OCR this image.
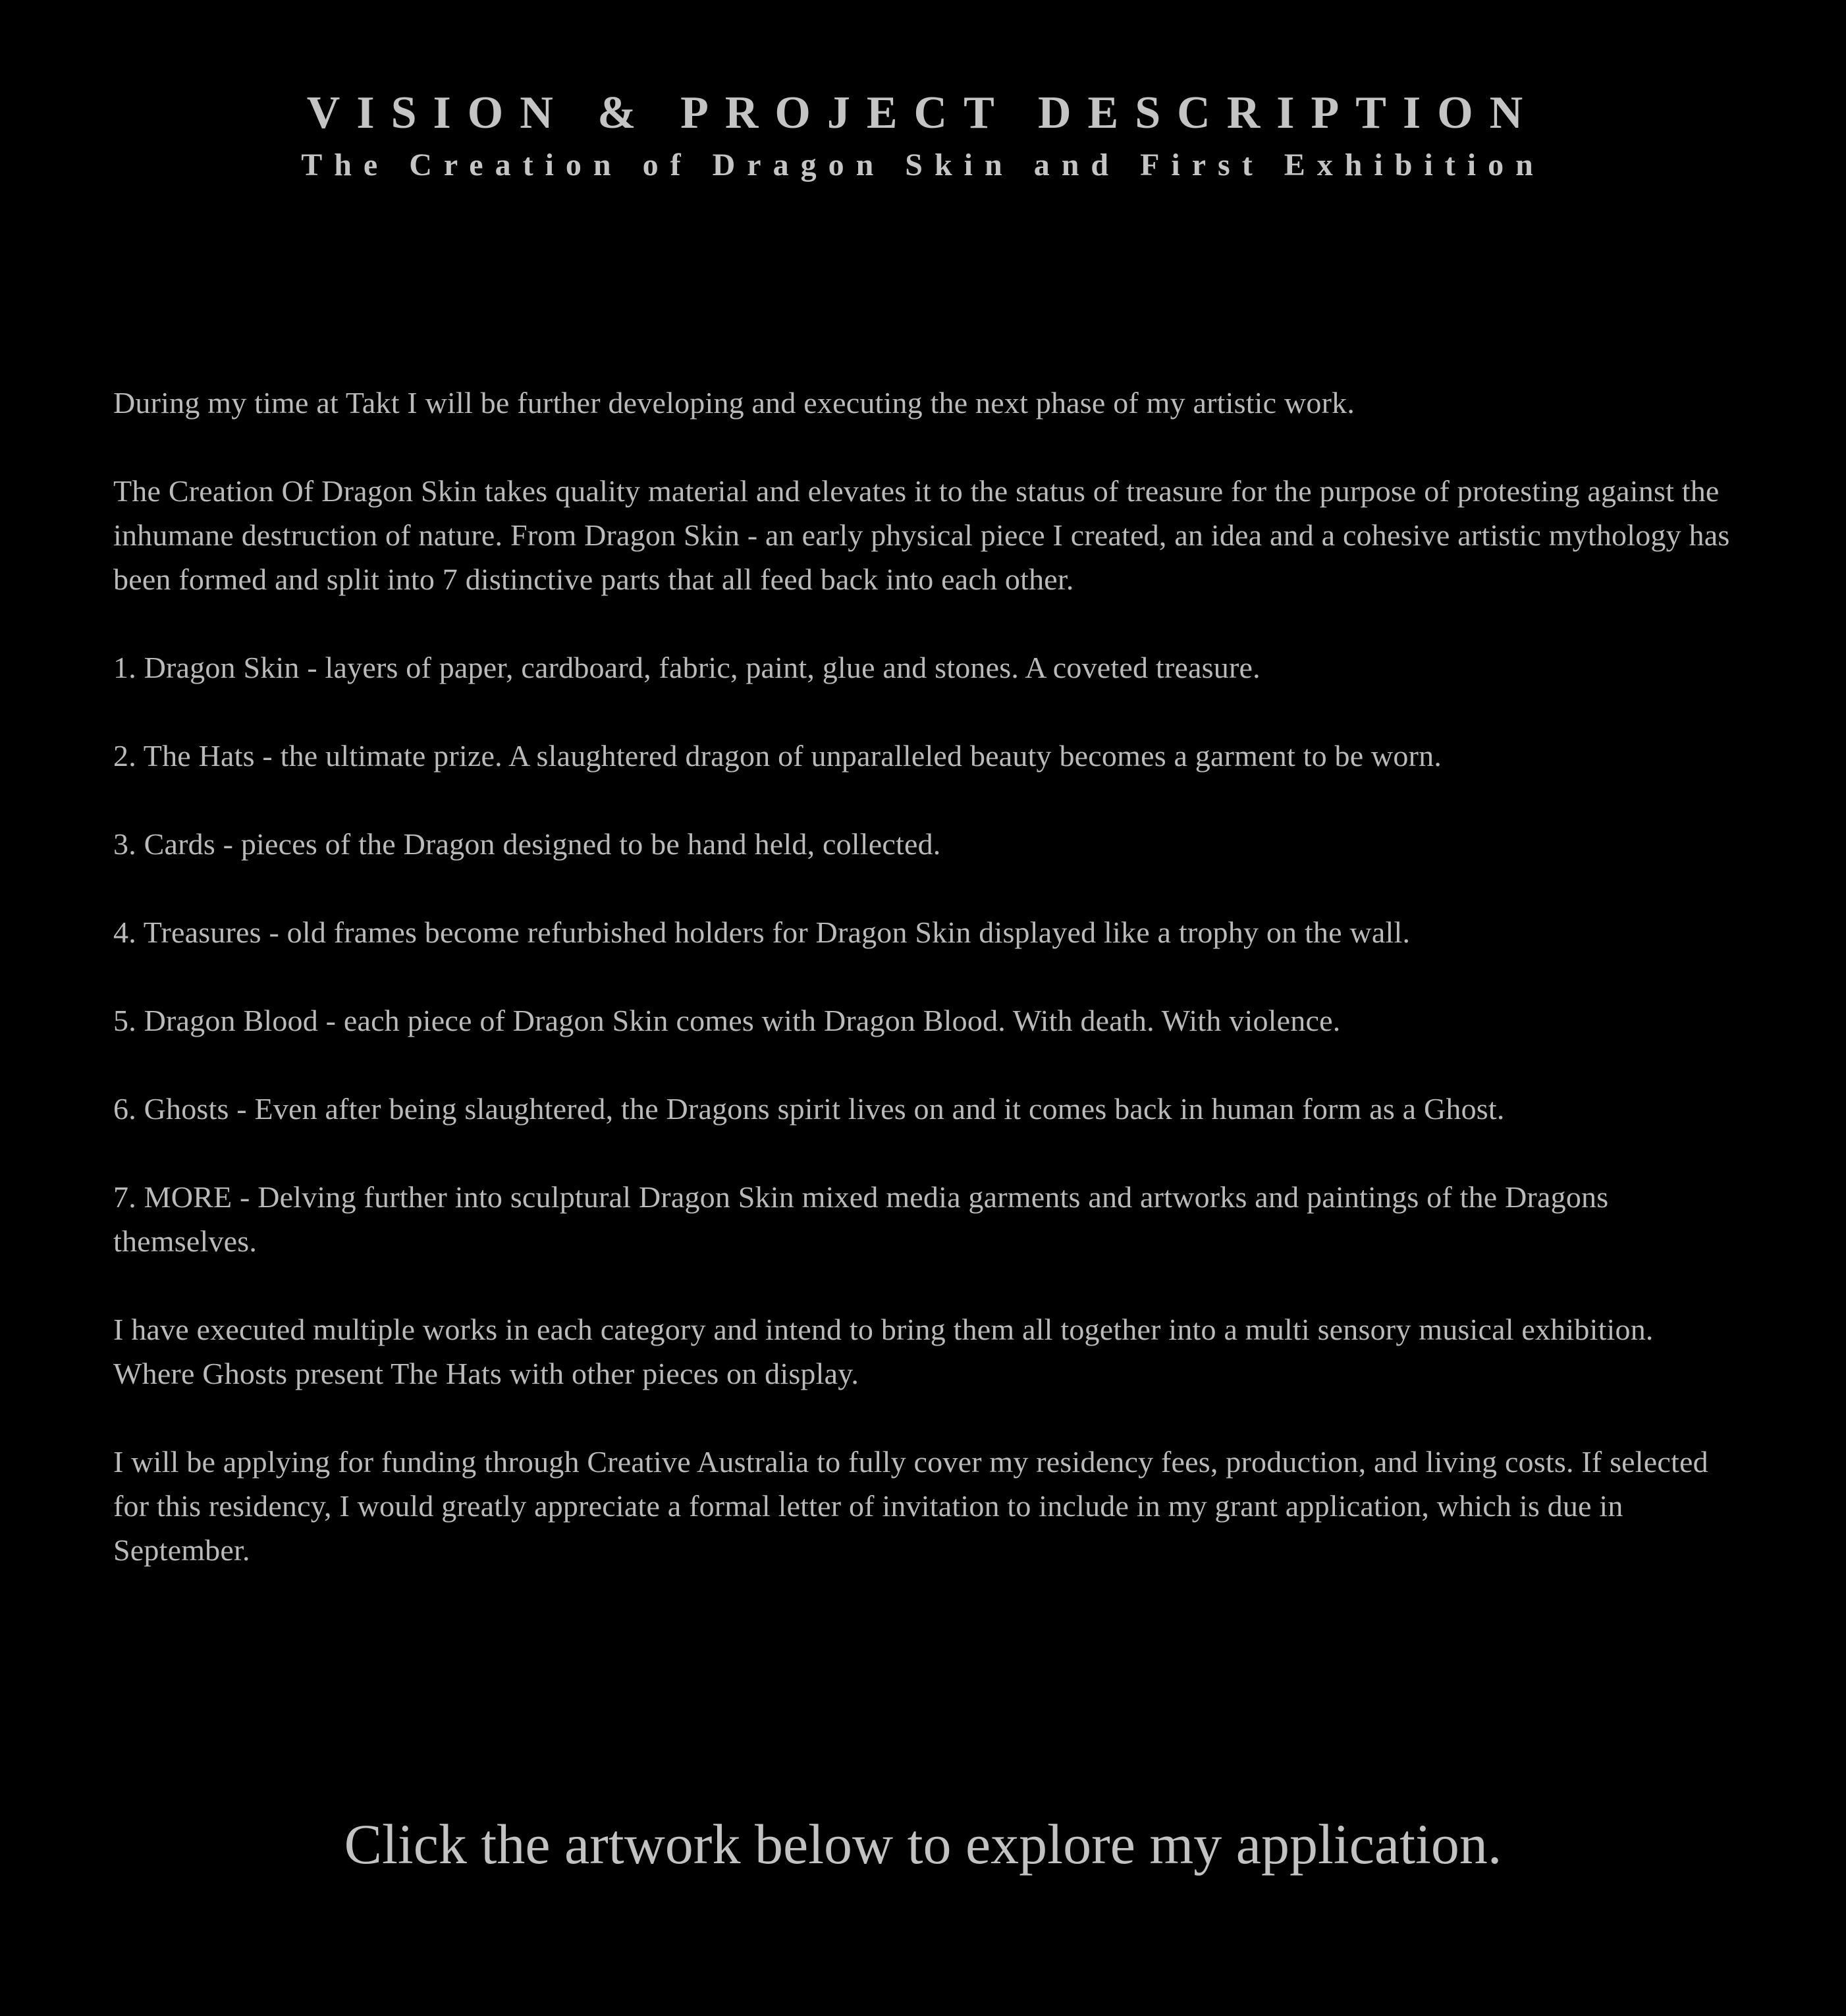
VISION & PROJECT DESCRIPTION
The Creation of Dragon Skin and First Exhibition

During my time at Takt I will be further developing and executing the next phase of my artistic work.

The Creation Of Dragon Skin takes quality material and elevates it to the status of treasure for the purpose of protesting against the inhumane destruction of nature. From Dragon Skin - an early physical piece I created, an idea and a cohesive artistic mythology has been formed and split into 7 distinctive parts that all feed back into each other.

1. Dragon Skin - layers of paper, cardboard, fabric, paint, glue and stones. A coveted treasure.

2. The Hats - the ultimate prize. A slaughtered dragon of unparalleled beauty becomes a garment to be worn.

3. Cards - pieces of the Dragon designed to be hand held, collected.

4. Treasures - old frames become refurbished holders for Dragon Skin displayed like a trophy on the wall.

5. Dragon Blood - each piece of Dragon Skin comes with Dragon Blood. With death. With violence.

6. Ghosts - Even after being slaughtered, the Dragons spirit lives on and it comes back in human form as a Ghost.

7. MORE - Delving further into sculptural Dragon Skin mixed media garments and artworks and paintings of the Dragons themselves.

I have executed multiple works in each category and intend to bring them all together into a multi sensory musical exhibition. Where Ghosts present The Hats with other pieces on display.

I will be applying for funding through Creative Australia to fully cover my residency fees, production, and living costs. If selected for this residency, I would greatly appreciate a formal letter of invitation to include in my grant application, which is due in September.

Click the artwork below to explore my application.
